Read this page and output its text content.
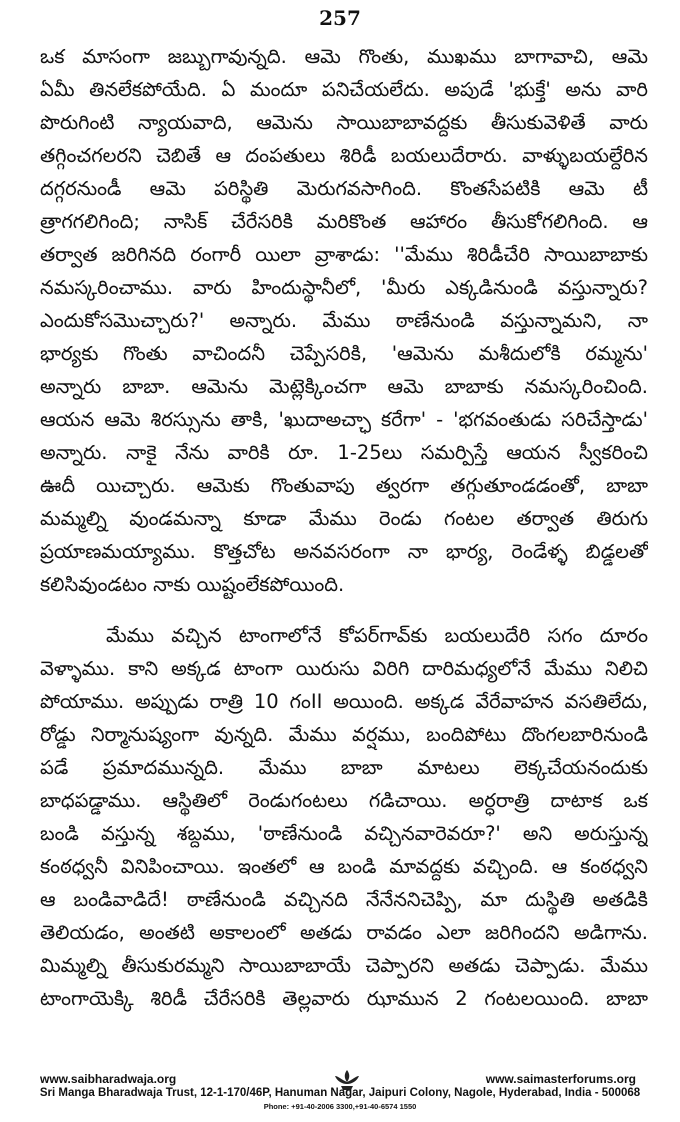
257

ఒక మాసంగా జబ్బుగావున్నది. ఆమె గొంతు, ముఖము బాగావాచి, ఆమె
ఏమీ తినలేకపోయేది. ఏ మందూ పనిచేయలేదు. అపుడే 'భుక్తే' అను వారి
పొరుగింటి న్యాయవాది, ఆమెను సాయిబాబావద్దకు తీసుకువెళితే వారు
తగ్గించగలరని చెబితే ఆ దంపతులు శిరిడీ బయలుదేరారు. వాళ్ళుబయల్దేరిన
దగ్గరనుండీ ఆమె పరిస్థితి మెరుగవసాగింది. కొంతసేపటికి ఆమె టీ
త్రాగగలిగింది; నాసిక్ చేరేసరికి మరికొంత ఆహారం తీసుకోగలిగింది. ఆ
తర్వాత జరిగినది రంగారీ యిలా వ్రాశాడు: ''మేము శిరిడీచేరి సాయిబాబాకు
నమస్కరించాము. వారు హిందుస్థానీలో, 'మీరు ఎక్కడినుండి వస్తున్నారు?
ఎందుకోసమొచ్చారు?' అన్నారు. మేము ఠాణేనుండి వస్తున్నామని, నా
భార్యకు గొంతు వాచిందనీ చెప్పేసరికి, 'ఆమెను మశీదులోకి రమ్మను'
అన్నారు బాబా. ఆమెను మెట్లెక్కించగా ఆమె బాబాకు నమస్కరించింది.
ఆయన ఆమె శిరస్సును తాకి, 'ఖుదాఅచ్ఛా కరేగా' - 'భగవంతుడు సరిచేస్తాడు'
అన్నారు. నాకై నేను వారికి రూ. 1-25లు సమర్పిస్తే ఆయన స్వీకరించి
ఊదీ యిచ్చారు. ఆమెకు గొంతువాపు త్వరగా తగ్గుతూండడంతో, బాబా
మమ్మల్ని వుండమన్నా కూడా మేము రెండు గంటల తర్వాత తిరుగు
ప్రయాణమయ్యాము. కొత్తచోట అనవసరంగా నా భార్య, రెండేళ్ళ బిడ్డలతో
కలిసివుండటం నాకు యిష్టంలేకపోయింది.

మేము వచ్చిన టాంగాలోనే కోపర్‌గావ్‌కు బయలుదేరి సగం దూరం
వెళ్ళాము. కాని అక్కడ టాంగా యిరుసు విరిగి దారిమధ్యలోనే మేము నిలిచి
పోయాము. అప్పుడు రాత్రి 10 గంII అయింది. అక్కడ వేరేవాహన వసతిలేదు,
రోడ్డు నిర్మానుష్యంగా వున్నది. మేము వర్షము, బందిపోటు దొంగలబారినుండి
పడే ప్రమాదమున్నది. మేము బాబా మాటలు లెక్కచేయనందుకు
బాధపడ్డాము. ఆస్థితిలో రెండుగంటలు గడిచాయి. అర్ధరాత్రి దాటాక ఒక
బండి వస్తున్న శబ్దము, 'ఠాణేనుండి వచ్చినవారెవరూ?' అని అరుస్తున్న
కంఠధ్వనీ వినిపించాయి. ఇంతలో ఆ బండి మావద్దకు వచ్చింది. ఆ కంఠధ్వని
ఆ బండివాడిదే! ఠాణేనుండి వచ్చినది నేనేననిచెప్పి, మా దుస్థితి అతడికి
తెలియడం, అంతటి అకాలంలో అతడు రావడం ఎలా జరిగిందని అడిగాను.
మిమ్మల్ని తీసుకురమ్మని సాయిబాబాయే చెప్పారని అతడు చెప్పాడు. మేము
టాంగాయెక్కి శిరిడీ చేరేసరికి తెల్లవారు ఝామున 2 గంటలయింది. బాబా

www.saibharadwaja.org	www.saimasterforums.org
Sri Manga Bharadwaja Trust, 12-1-170/46P, Hanuman Nagar, Jaipuri Colony, Nagole, Hyderabad, India - 500068
Phone: +91-40-2006 3300,+91-40-6574 1550
